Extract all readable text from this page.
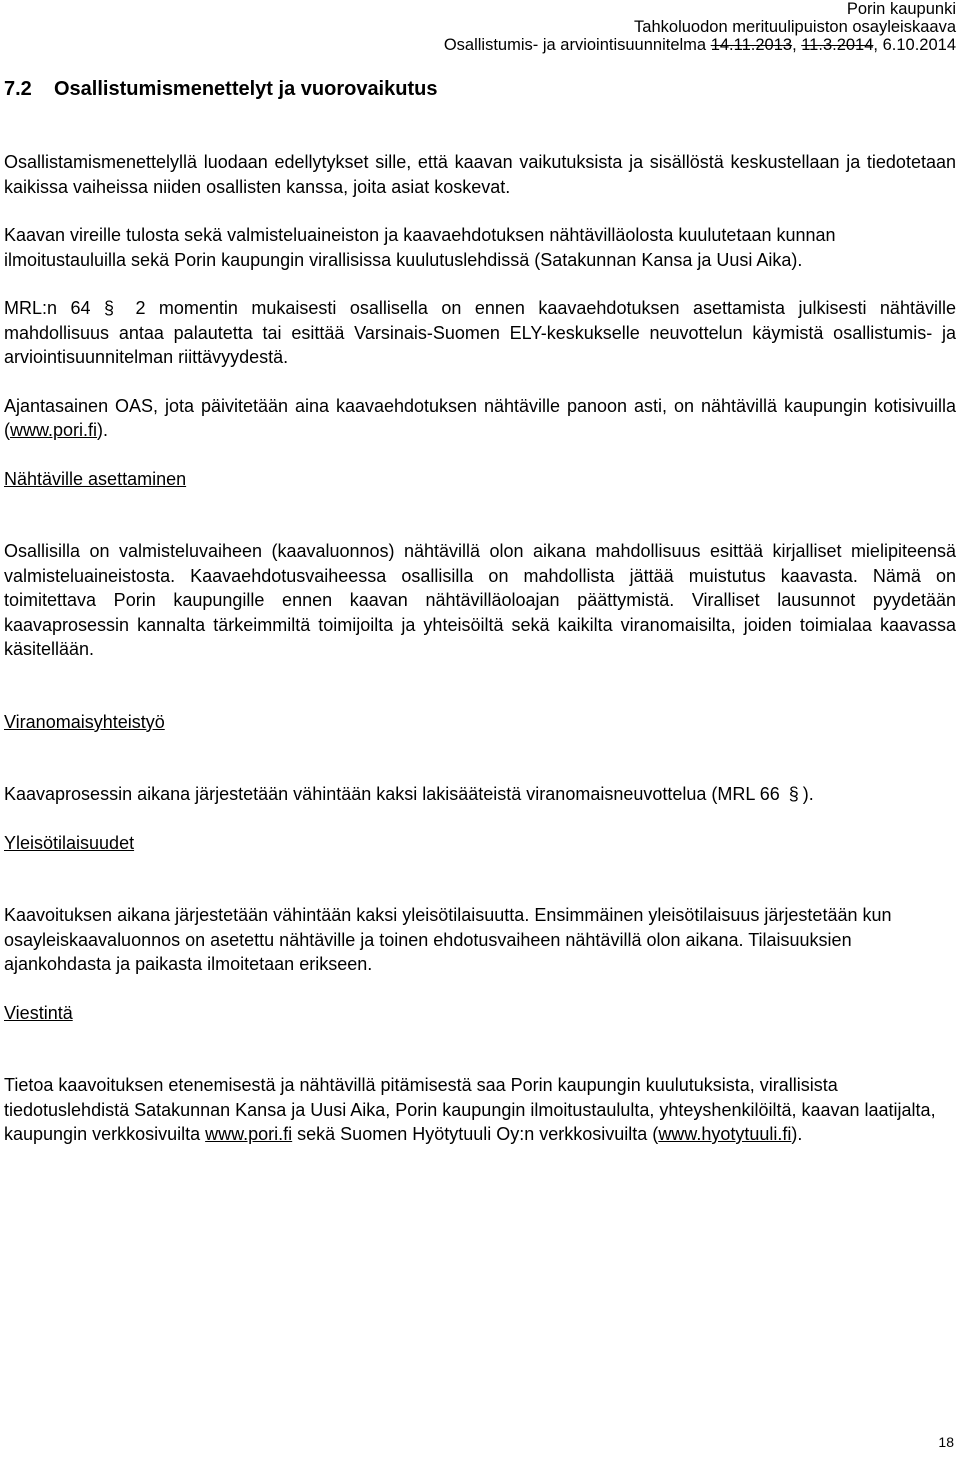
Porin kaupunki
Tahkoluodon merituulipuiston osayleiskaava
Osallistumis- ja arviointisuunnitelma 14.11.2013, 11.3.2014, 6.10.2014
7.2 Osallistumismenettelyt ja vuorovaikutus

Osallistamismenettelyllä luodaan edellytykset sille, että kaavan vaikutuksista ja sisällöstä keskustellaan ja tiedotetaan kaikissa vaiheissa niiden osallisten kanssa, joita asiat koskevat.

Kaavan vireille tulosta sekä valmisteluaineiston ja kaavaehdotuksen nähtävilläolosta kuulutetaan kunnan ilmoitustauluilla sekä Porin kaupungin virallisissa kuulutuslehdissä (Satakunnan Kansa ja Uusi Aika).

MRL:n 64 § 2 momentin mukaisesti osallisella on ennen kaavaehdotuksen asettamista julkisesti nähtäville mahdollisuus antaa palautetta tai esittää Varsinais-Suomen ELY-keskukselle neuvottelun käymistä osallistumis- ja arviointisuunnitelman riittävyydestä.

Ajantasainen OAS, jota päivitetään aina kaavaehdotuksen nähtäville panoon asti, on nähtävillä kaupungin kotisivuilla (www.pori.fi).

Nähtäville asettaminen

Osallisilla on valmisteluvaiheen (kaavaluonnos) nähtävillä olon aikana mahdollisuus esittää kirjalliset mielipiteensä valmisteluaineistosta. Kaavaehdotusvaiheessa osallisilla on mahdollista jättää muistutus kaavasta. Nämä on toimitettava Porin kaupungille ennen kaavan nähtävilläoloajan päättymistä. Viralliset lausunnot pyydetään kaavaprosessin kannalta tärkeimmiltä toimijoilta ja yhteisöiltä sekä kaikilta viranomaisilta, joiden toimialaa kaavassa käsitellään.

Viranomaisyhteistyö

Kaavaprosessin aikana järjestetään vähintään kaksi lakisääteistä viranomaisneuvottelua (MRL 66 § ).

Yleisötilaisuudet

Kaavoituksen aikana järjestetään vähintään kaksi yleisötilaisuutta. Ensimmäinen yleisötilaisuus järjestetään kun osayleiskaavaluonnos on asetettu nähtäville ja toinen ehdotusvaiheen nähtävillä olon aikana. Tilaisuuksien ajankohdasta ja paikasta ilmoitetaan erikseen.

Viestintä

Tietoa kaavoituksen etenemisestä ja nähtävillä pitämisestä saa Porin kaupungin kuulutuksista, virallisista tiedotuslehdistä Satakunnan Kansa ja Uusi Aika, Porin kaupungin ilmoitustaululta, yhteyshenkilöiltä, kaavan laatijalta, kaupungin verkkosivuilta www.pori.fi sekä Suomen Hyötytuuli Oy:n verkkosivuilta (www.hyotytuuli.fi).

18
